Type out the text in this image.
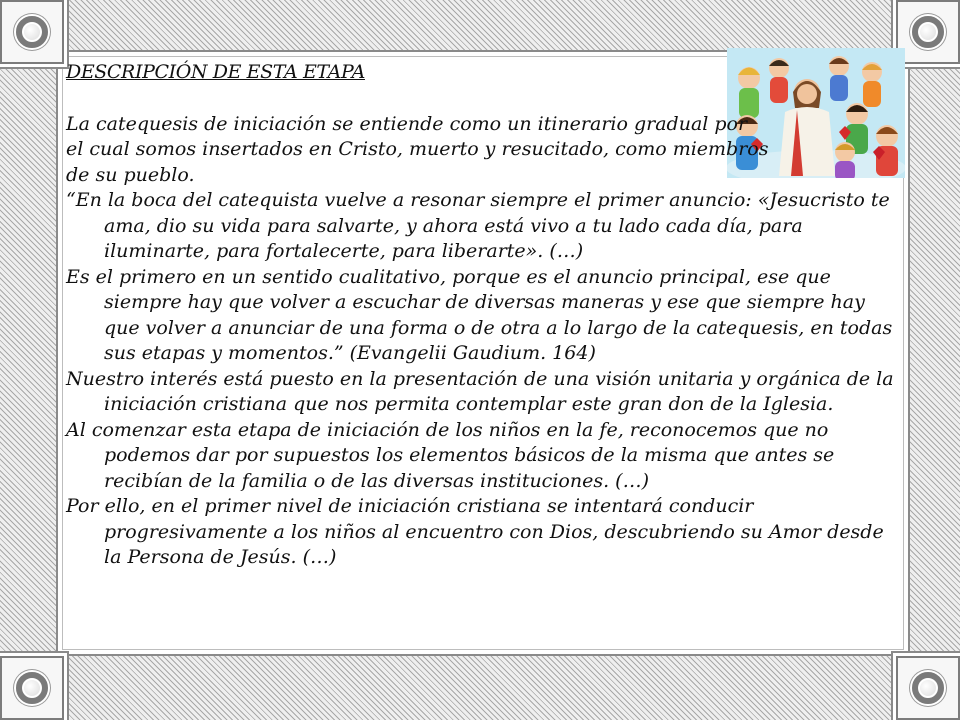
DESCRIPCIÓN DE ESTA ETAPA

La catequesis de iniciación se entiende como un itinerario gradual por

el cual somos insertados en Cristo, muerto y resucitado, como miembros

de su pueblo.

“En la boca del catequista vuelve a resonar siempre el primer anuncio: «Jesucristo te ama, dio su vida para salvarte, y ahora está vivo a tu lado cada día, para iluminarte, para fortalecerte, para liberarte». (…)

Es el primero en un sentido cualitativo, porque es el anuncio principal, ese que siempre hay que volver a escuchar de diversas maneras y ese que siempre hay que volver a anunciar de una forma o de otra a lo largo de la catequesis, en todas sus etapas y momentos.” (Evangelii Gaudium. 164)

Nuestro interés está puesto en la presentación de una visión unitaria y orgánica de la iniciación cristiana que nos permita contemplar este gran don de la Iglesia.

Al comenzar esta etapa de iniciación de los niños en la fe, reconocemos que no podemos dar por supuestos los elementos básicos de la misma que antes se recibían de la familia o de las diversas instituciones. (…)

Por ello, en el primer nivel de iniciación cristiana se intentará conducir progresivamente a los niños al encuentro con Dios, descubriendo su Amor desde la Persona de Jesús. (…)
